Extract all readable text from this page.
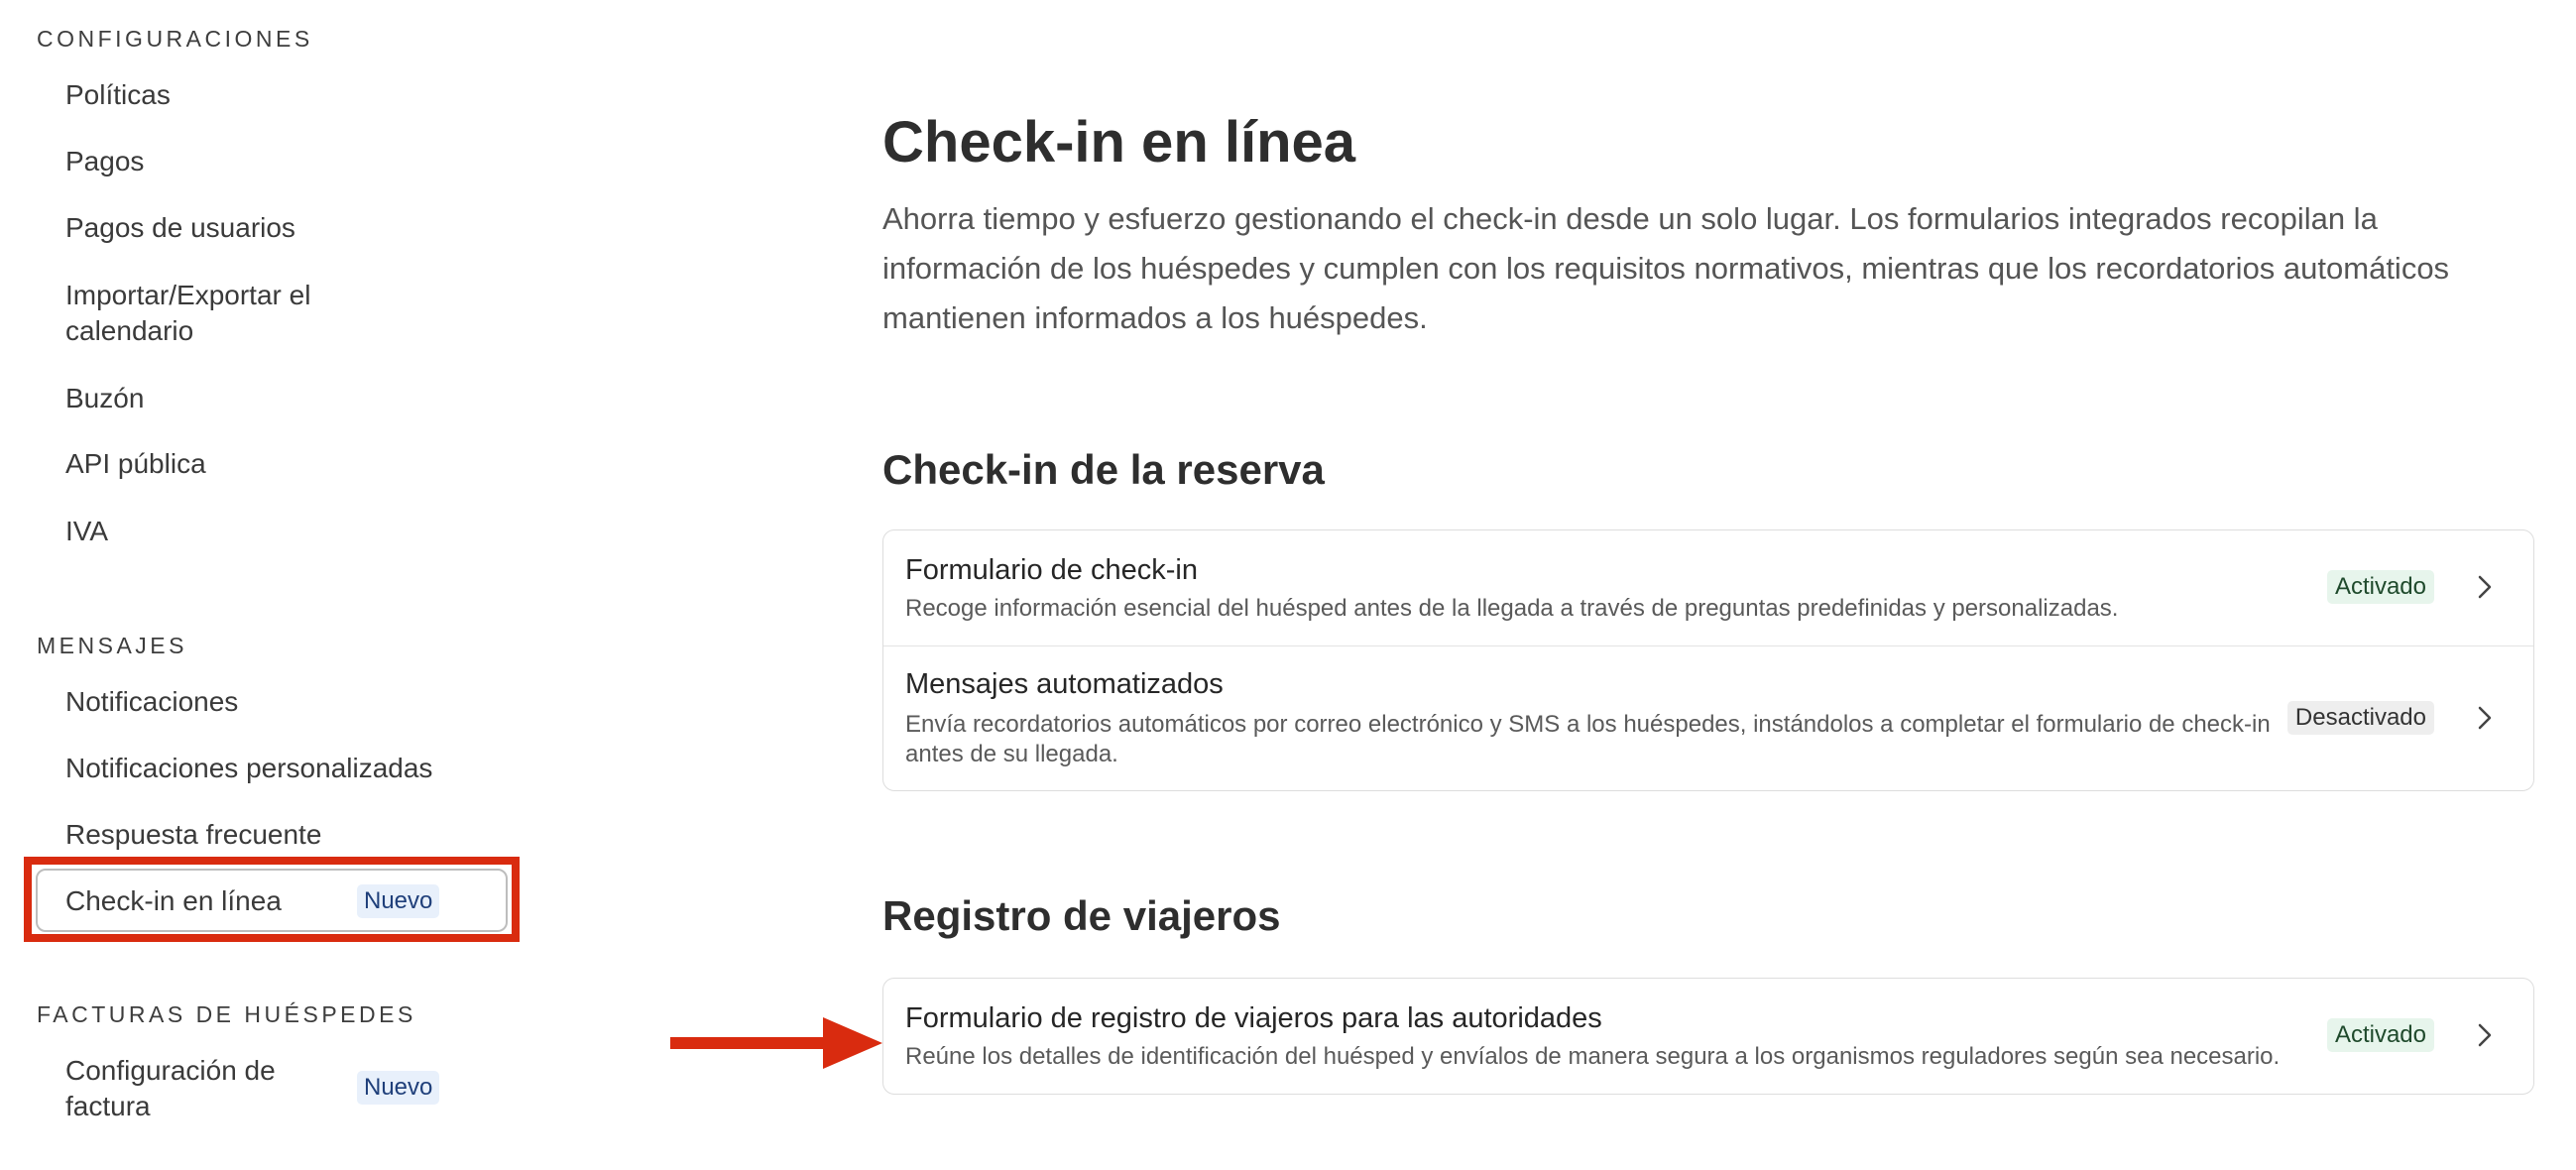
CONFIGURACIONES
Políticas
Pagos
Pagos de usuarios
Importar/Exportar el calendario
Buzón
API pública
IVA
MENSAJES
Notificaciones
Notificaciones personalizadas
Respuesta frecuente
Check-in en línea	Nuevo
FACTURAS DE HUÉSPEDES
Configuración de factura
Nuevo
Check-in en línea

Ahorra tiempo y esfuerzo gestionando el check-in desde un solo lugar. Los formularios integrados recopilan la información de los huéspedes y cumplen con los requisitos normativos, mientras que los recordatorios automáticos mantienen informados a los huéspedes.

Check-in de la reserva
Formulario de check-in
Recoge información esencial del huésped antes de la llegada a través de preguntas predefinidas y personalizadas.
Activado
Mensajes automatizados
Envía recordatorios automáticos por correo electrónico y SMS a los huéspedes, instándolos a completar el formulario de check-in antes de su llegada.
Desactivado
Registro de viajeros
Formulario de registro de viajeros para las autoridades
Reúne los detalles de identificación del huésped y envíalos de manera segura a los organismos reguladores según sea necesario.
Activado
